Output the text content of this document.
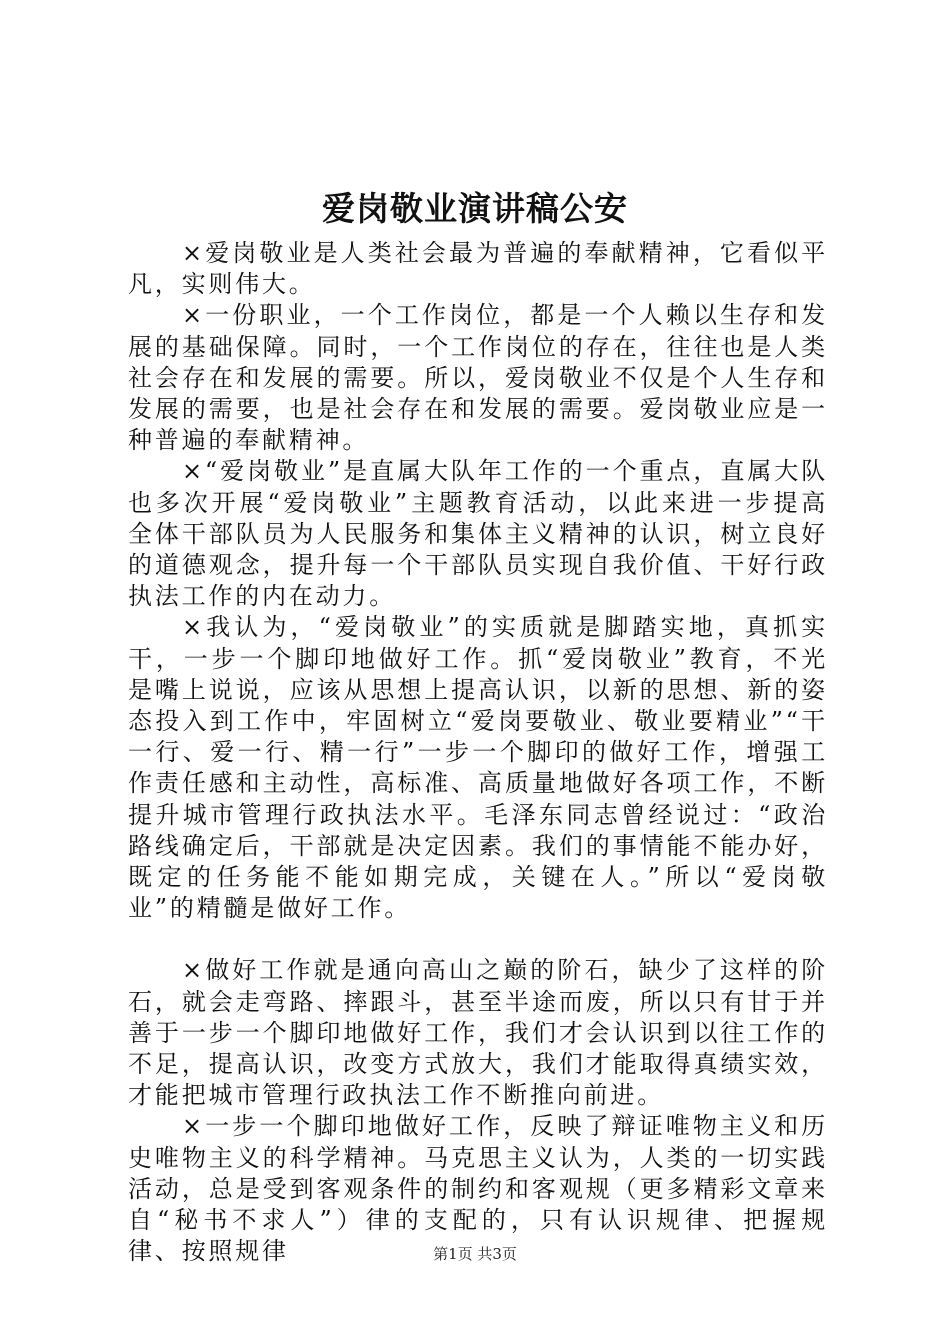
爱岗敬业演讲稿公安

×爱岗敬业是人类社会最为普遍的奉献精神，它看似平凡，实则伟大。

×一份职业，一个工作岗位，都是一个人赖以生存和发展的基础保障。同时，一个工作岗位的存在，往往也是人类社会存在和发展的需要。所以，爱岗敬业不仅是个人生存和发展的需要，也是社会存在和发展的需要。爱岗敬业应是一种普遍的奉献精神。

×“爱岗敬业”是直属大队年工作的一个重点，直属大队也多次开展“爱岗敬业”主题教育活动，以此来进一步提高全体干部队员为人民服务和集体主义精神的认识，树立良好的道德观念，提升每一个干部队员实现自我价值、干好行政执法工作的内在动力。

×我认为，“爱岗敬业”的实质就是脚踏实地，真抓实干，一步一个脚印地做好工作。抓“爱岗敬业”教育，不光是嘴上说说，应该从思想上提高认识，以新的思想、新的姿态投入到工作中，牢固树立“爱岗要敬业、敬业要精业”“干一行、爱一行、精一行”一步一个脚印的做好工作，增强工作责任感和主动性，高标准、高质量地做好各项工作，不断提升城市管理行政执法水平。毛泽东同志曾经说过：“政治路线确定后，干部就是决定因素。我们的事情能不能办好，既定的任务能不能如期完成，关键在人。”所以“爱岗敬业”的精髓是做好工作。

×做好工作就是通向高山之巅的阶石，缺少了这样的阶石，就会走弯路、摔跟斗，甚至半途而废，所以只有甘于并善于一步一个脚印地做好工作，我们才会认识到以往工作的不足，提高认识，改变方式放大，我们才能取得真绩实效，才能把城市管理行政执法工作不断推向前进。

×一步一个脚印地做好工作，反映了辩证唯物主义和历史唯物主义的科学精神。马克思主义认为，人类的一切实践活动，总是受到客观条件的制约和客观规（更多精彩文章来自“秘书不求人”）律的支配的，只有认识规律、把握规律、按照规律	第1页 共3页
